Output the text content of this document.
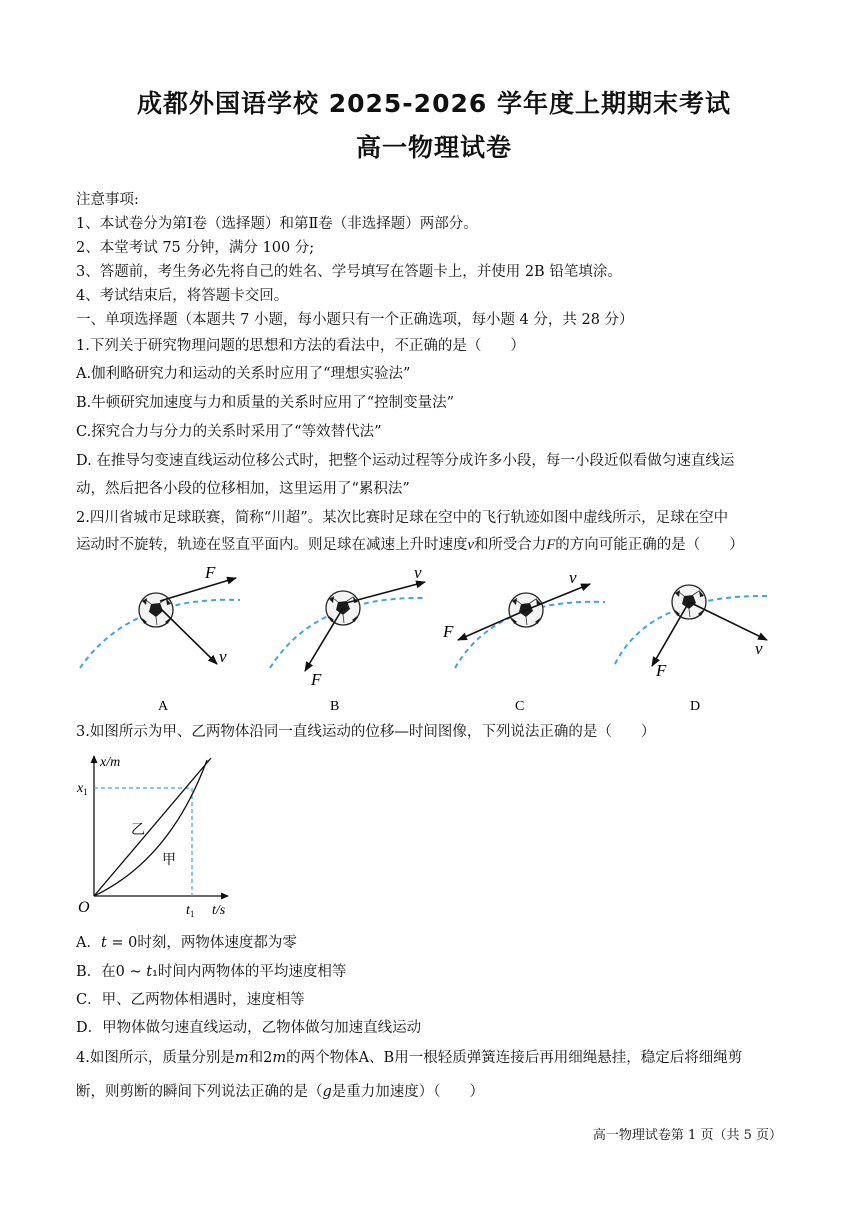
成都外国语学校 2025-2026 学年度上期期末考试
高一物理试卷
注意事项:
1、本试卷分为第Ⅰ卷（选择题）和第Ⅱ卷（非选择题）两部分。
2、本堂考试 75 分钟，满分 100 分;
3、答题前，考生务必先将自己的姓名、学号填写在答题卡上，并使用 2B 铅笔填涂。
4、考试结束后，将答题卡交回。
一、单项选择题（本题共 7 小题，每小题只有一个正确选项，每小题 4 分，共 28 分）
1.下列关于研究物理问题的思想和方法的看法中，不正确的是（　　）
A.伽利略研究力和运动的关系时应用了“理想实验法”
B.牛顿研究加速度与力和质量的关系时应用了“控制变量法”
C.探究合力与分力的关系时采用了“等效替代法”
D. 在推导匀变速直线运动位移公式时，把整个运动过程等分成许多小段，每一小段近似看做匀速直线运
动，然后把各小段的位移相加，这里运用了“累积法”
2.四川省城市足球联赛，简称“川超”。某次比赛时足球在空中的飞行轨迹如图中虚线所示，足球在空中
运动时不旋转，轨迹在竖直平面内。则足球在减速上升时速度v和所受合力F的方向可能正确的是（　　）
F
v
A
v
F
B
v
F
C
v
F
D
3.如图所示为甲、乙两物体沿同一直线运动的位移—时间图像，下列说法正确的是（　　）
x/m
$x_1$
乙
甲
O	$t_1$ t/s
A．𝑡 = 0时刻，两物体速度都为零
B．在0 ~ 𝑡₁时间内两物体的平均速度相等
C．甲、乙两物体相遇时，速度相等
D．甲物体做匀速直线运动，乙物体做匀加速直线运动
4.如图所示，质量分别是𝑚和2𝑚的两个物体A、B用一根轻质弹簧连接后再用细绳悬挂，稳定后将细绳剪
断，则剪断的瞬间下列说法正确的是（𝑔是重力加速度）（　　）
高一物理试卷第 1 页（共 5 页）
